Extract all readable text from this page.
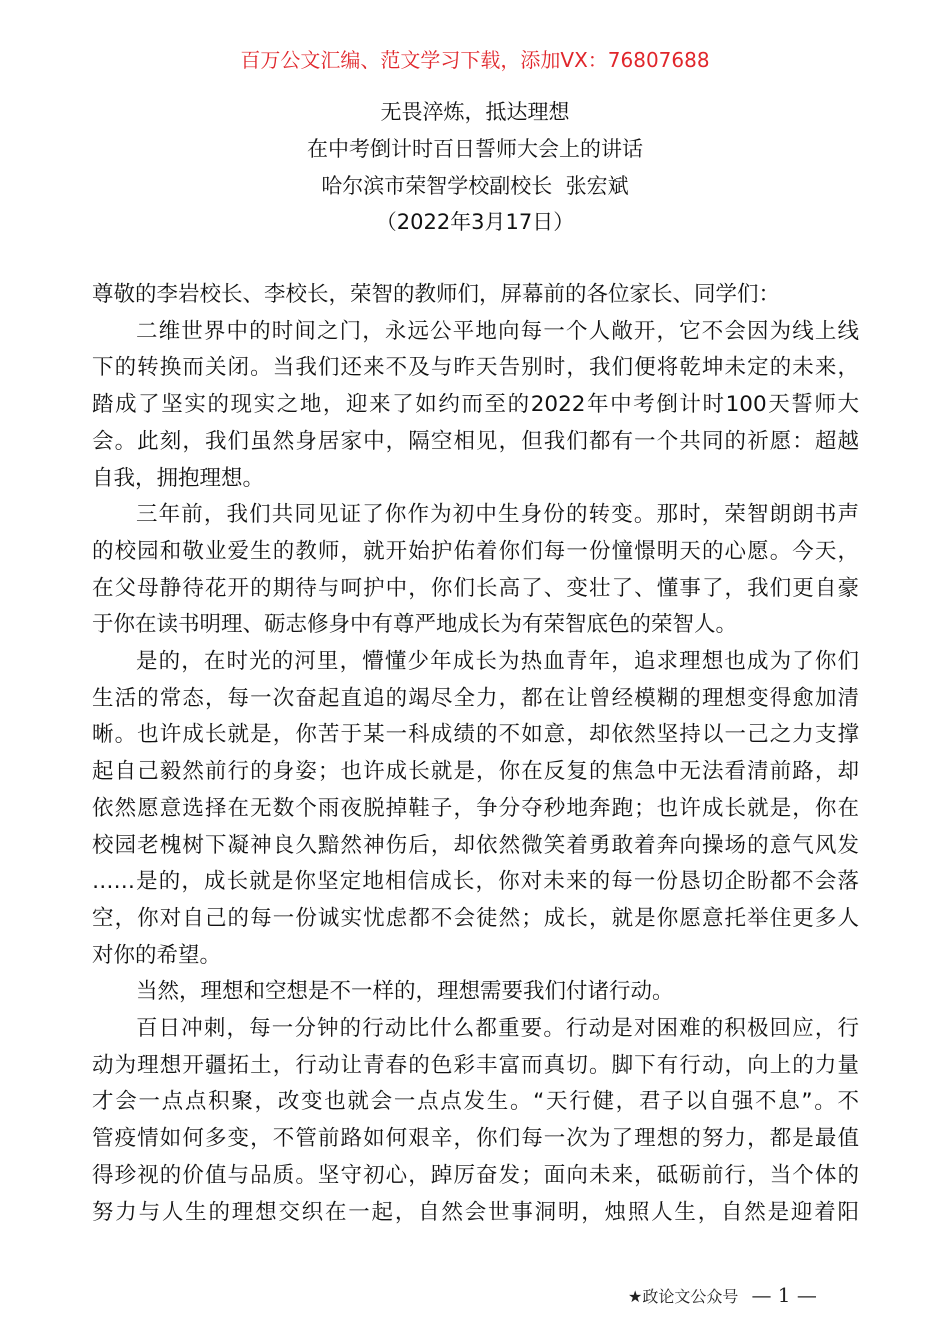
百万公文汇编、范文学习下载，添加VX：76807688
无畏淬炼，抵达理想
在中考倒计时百日誓师大会上的讲话
哈尔滨市荣智学校副校长  张宏斌
（2022年3月17日）
尊敬的李岩校长、李校长，荣智的教师们，屏幕前的各位家长、同学们：
二维世界中的时间之门，永远公平地向每一个人敞开，它不会因为线上线
下的转换而关闭。当我们还来不及与昨天告别时，我们便将乾坤未定的未来，
踏成了坚实的现实之地，迎来了如约而至的2022年中考倒计时100天誓师大
会。此刻，我们虽然身居家中，隔空相见，但我们都有一个共同的祈愿：超越
自我，拥抱理想。
三年前，我们共同见证了你作为初中生身份的转变。那时，荣智朗朗书声
的校园和敬业爱生的教师，就开始护佑着你们每一份憧憬明天的心愿。今天，
在父母静待花开的期待与呵护中，你们长高了、变壮了、懂事了，我们更自豪
于你在读书明理、砺志修身中有尊严地成长为有荣智底色的荣智人。
是的，在时光的河里，懵懂少年成长为热血青年，追求理想也成为了你们
生活的常态，每一次奋起直追的竭尽全力，都在让曾经模糊的理想变得愈加清
晰。也许成长就是，你苦于某一科成绩的不如意，却依然坚持以一己之力支撑
起自己毅然前行的身姿；也许成长就是，你在反复的焦急中无法看清前路，却
依然愿意选择在无数个雨夜脱掉鞋子，争分夺秒地奔跑；也许成长就是，你在
校园老槐树下凝神良久黯然神伤后，却依然微笑着勇敢着奔向操场的意气风发
……是的，成长就是你坚定地相信成长，你对未来的每一份恳切企盼都不会落
空，你对自己的每一份诚实忧虑都不会徒然；成长，就是你愿意托举住更多人
对你的希望。
当然，理想和空想是不一样的，理想需要我们付诸行动。
百日冲刺，每一分钟的行动比什么都重要。行动是对困难的积极回应，行
动为理想开疆拓土，行动让青春的色彩丰富而真切。脚下有行动，向上的力量
才会一点点积聚，改变也就会一点点发生。“天行健，君子以自强不息”。不
管疫情如何多变，不管前路如何艰辛，你们每一次为了理想的努力，都是最值
得珍视的价值与品质。坚守初心，踔厉奋发；面向未来，砥砺前行，当个体的
努力与人生的理想交织在一起，自然会世事洞明，烛照人生，自然是迎着阳
★政论文公众号 — 1 —
